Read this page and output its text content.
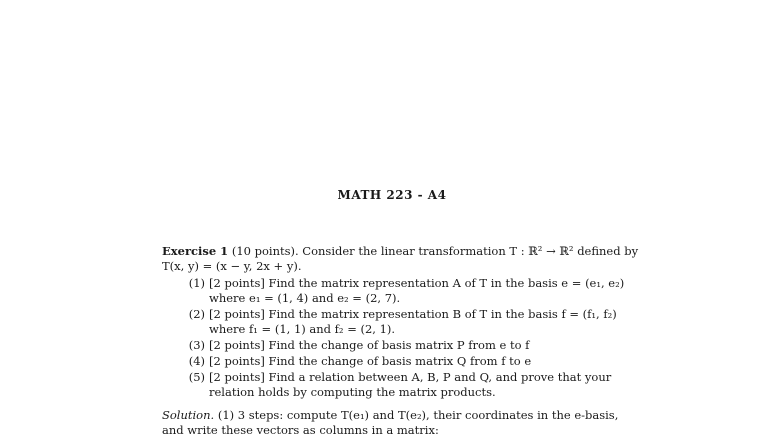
MATH 223 - A4
Exercise 1 (10 points). Consider the linear transformation T : ℝ² → ℝ² defined by
T(x, y) = (x − y, 2x + y).
(1) [2 points] Find the matrix representation A of T in the basis e = (e₁, e₂)
where e₁ = (1, 4) and e₂ = (2, 7).
(2) [2 points] Find the matrix representation B of T in the basis f = (f₁, f₂)
where f₁ = (1, 1) and f₂ = (2, 1).
(3) [2 points] Find the change of basis matrix P from e to f
(4) [2 points] Find the change of basis matrix Q from f to e
(5) [2 points] Find a relation between A, B, P and Q, and prove that your
relation holds by computing the matrix products.
Solution. (1) 3 steps: compute T(e₁) and T(e₂), their coordinates in the e-basis,
and write these vectors as columns in a matrix:
